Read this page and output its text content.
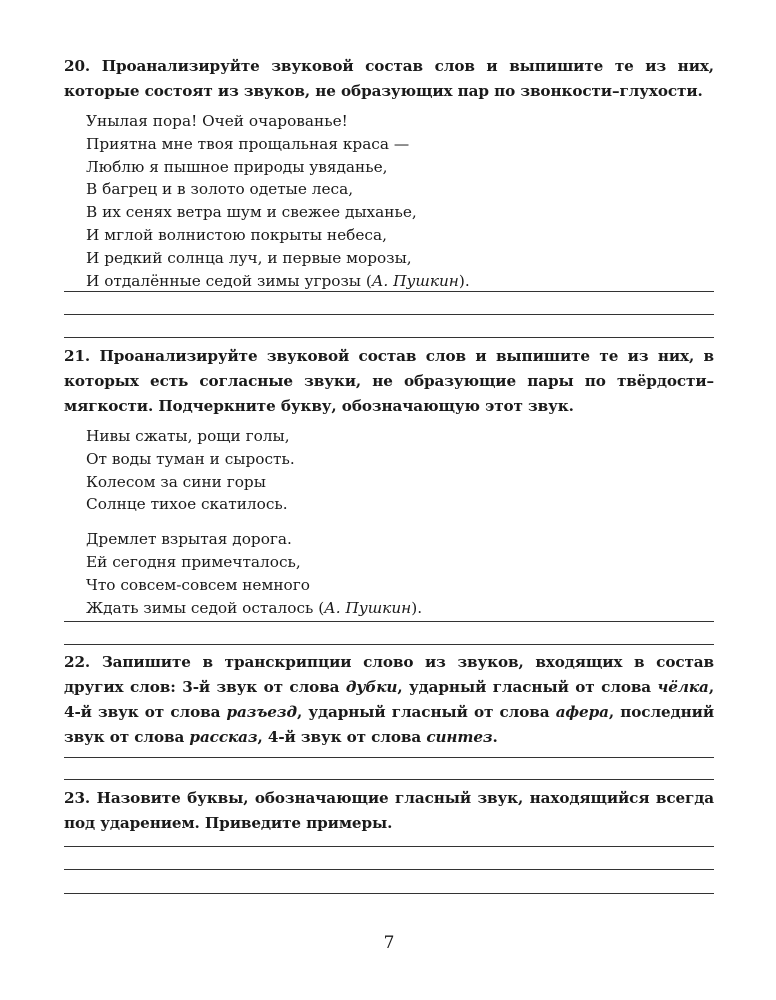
20. Проанализируйте звуковой состав слов и выпишите те из них, которые состоят из звуков, не образующих пар по звонкости–глухости.

Унылая пора! Очей очарованье!
Приятна мне твоя прощальная краса —
Люблю я пышное природы увяданье,
В багрец и в золото одетые леса,
В их сенях ветра шум и свежее дыханье,
И мглой волнистою покрыты небеса,
И редкий солнца луч, и первые морозы,
И отдалённые седой зимы угрозы (А. Пушкин).

21. Проанализируйте звуковой состав слов и выпишите те из них, в которых есть согласные звуки, не образующие пары по твёрдости–мягкости. Подчеркните букву, обозначающую этот звук.

Нивы сжаты, рощи голы,
От воды туман и сырость.
Колесом за сини горы
Солнце тихое скатилось.
Дремлет взрытая дорога.
Ей сегодня примечталось,
Что совсем-совсем немного
Ждать зимы седой осталось (А. Пушкин).

22. Запишите в транскрипции слово из звуков, входящих в состав других слов: 3-й звук от слова дубки, ударный гласный от слова чёлка, 4-й звук от слова разъезд, ударный гласный от слова афера, последний звук от слова рассказ, 4-й звук от слова синтез.

23. Назовите буквы, обозначающие гласный звук, находящийся всегда под ударением. Приведите примеры.

7
